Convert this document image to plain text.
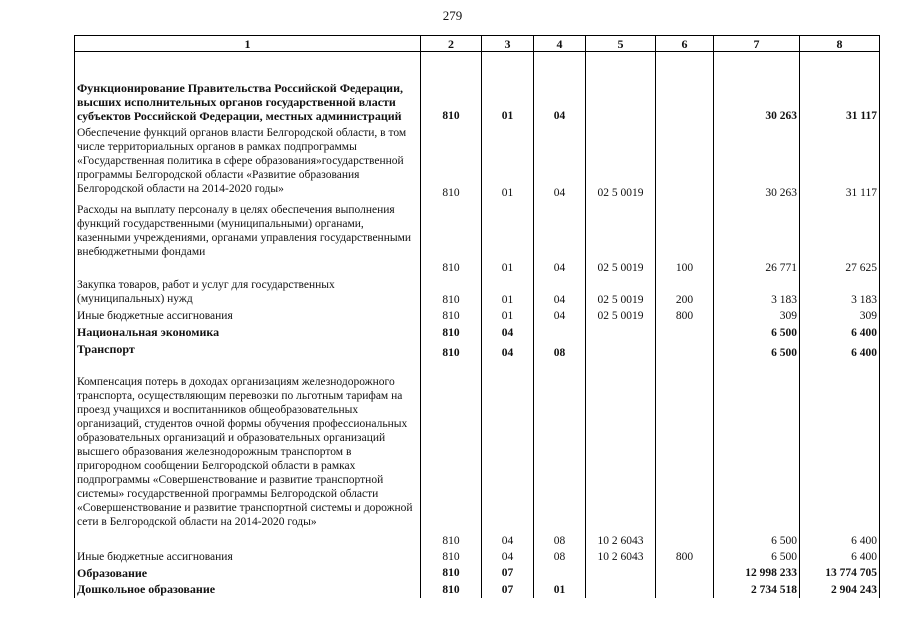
279
1	2	3	4	5	6	7	8
Функционирование Правительства Российской Федерации, высших исполнительных органов государственной власти субъектов Российской Федерации, местных администраций	810	01	04			30 263	31 117
Обеспечение функций органов власти Белгородской области, в том числе территориальных органов в рамках подпрограммы «Государственная политика в сфере образования»государственной программы Белгородской области «Развитие образования Белгородской области на 2014-2020 годы»	810	01	04	02 5 0019		30 263	31 117
Расходы на выплату персоналу в целях обеспечения выполнения функций государственными (муниципальными) органами, казенными учреждениями, органами управления государственными внебюджетными фондами	810	01	04	02 5 0019	100	26 771	27 625
Закупка товаров, работ и услуг для государственных (муниципальных) нужд	810	01	04	02 5 0019	200	3 183	3 183
Иные бюджетные ассигнования	810	01	04	02 5 0019	800	309	309
Национальная экономика	810	04				6 500	6 400
Транспорт	810	04	08			6 500	6 400
Компенсация потерь в доходах организациям железнодорожного транспорта, осуществляющим перевозки по льготным тарифам на проезд учащихся и воспитанников общеобразовательных организаций, студентов очной формы обучения профессиональных образовательных организаций и образовательных организаций высшего образования железнодорожным транспортом в пригородном сообщении Белгородской области в рамках подпрограммы «Совершенствование и развитие транспортной системы» государственной программы Белгородской области «Совершенствование и развитие транспортной системы и дорожной сети в Белгородской области на 2014-2020 годы»	810	04	08	10 2 6043		6 500	6 400
Иные бюджетные ассигнования	810	04	08	10 2 6043	800	6 500	6 400
Образование	810	07				12 998 233	13 774 705
Дошкольное образование	810	07	01			2 734 518	2 904 243
